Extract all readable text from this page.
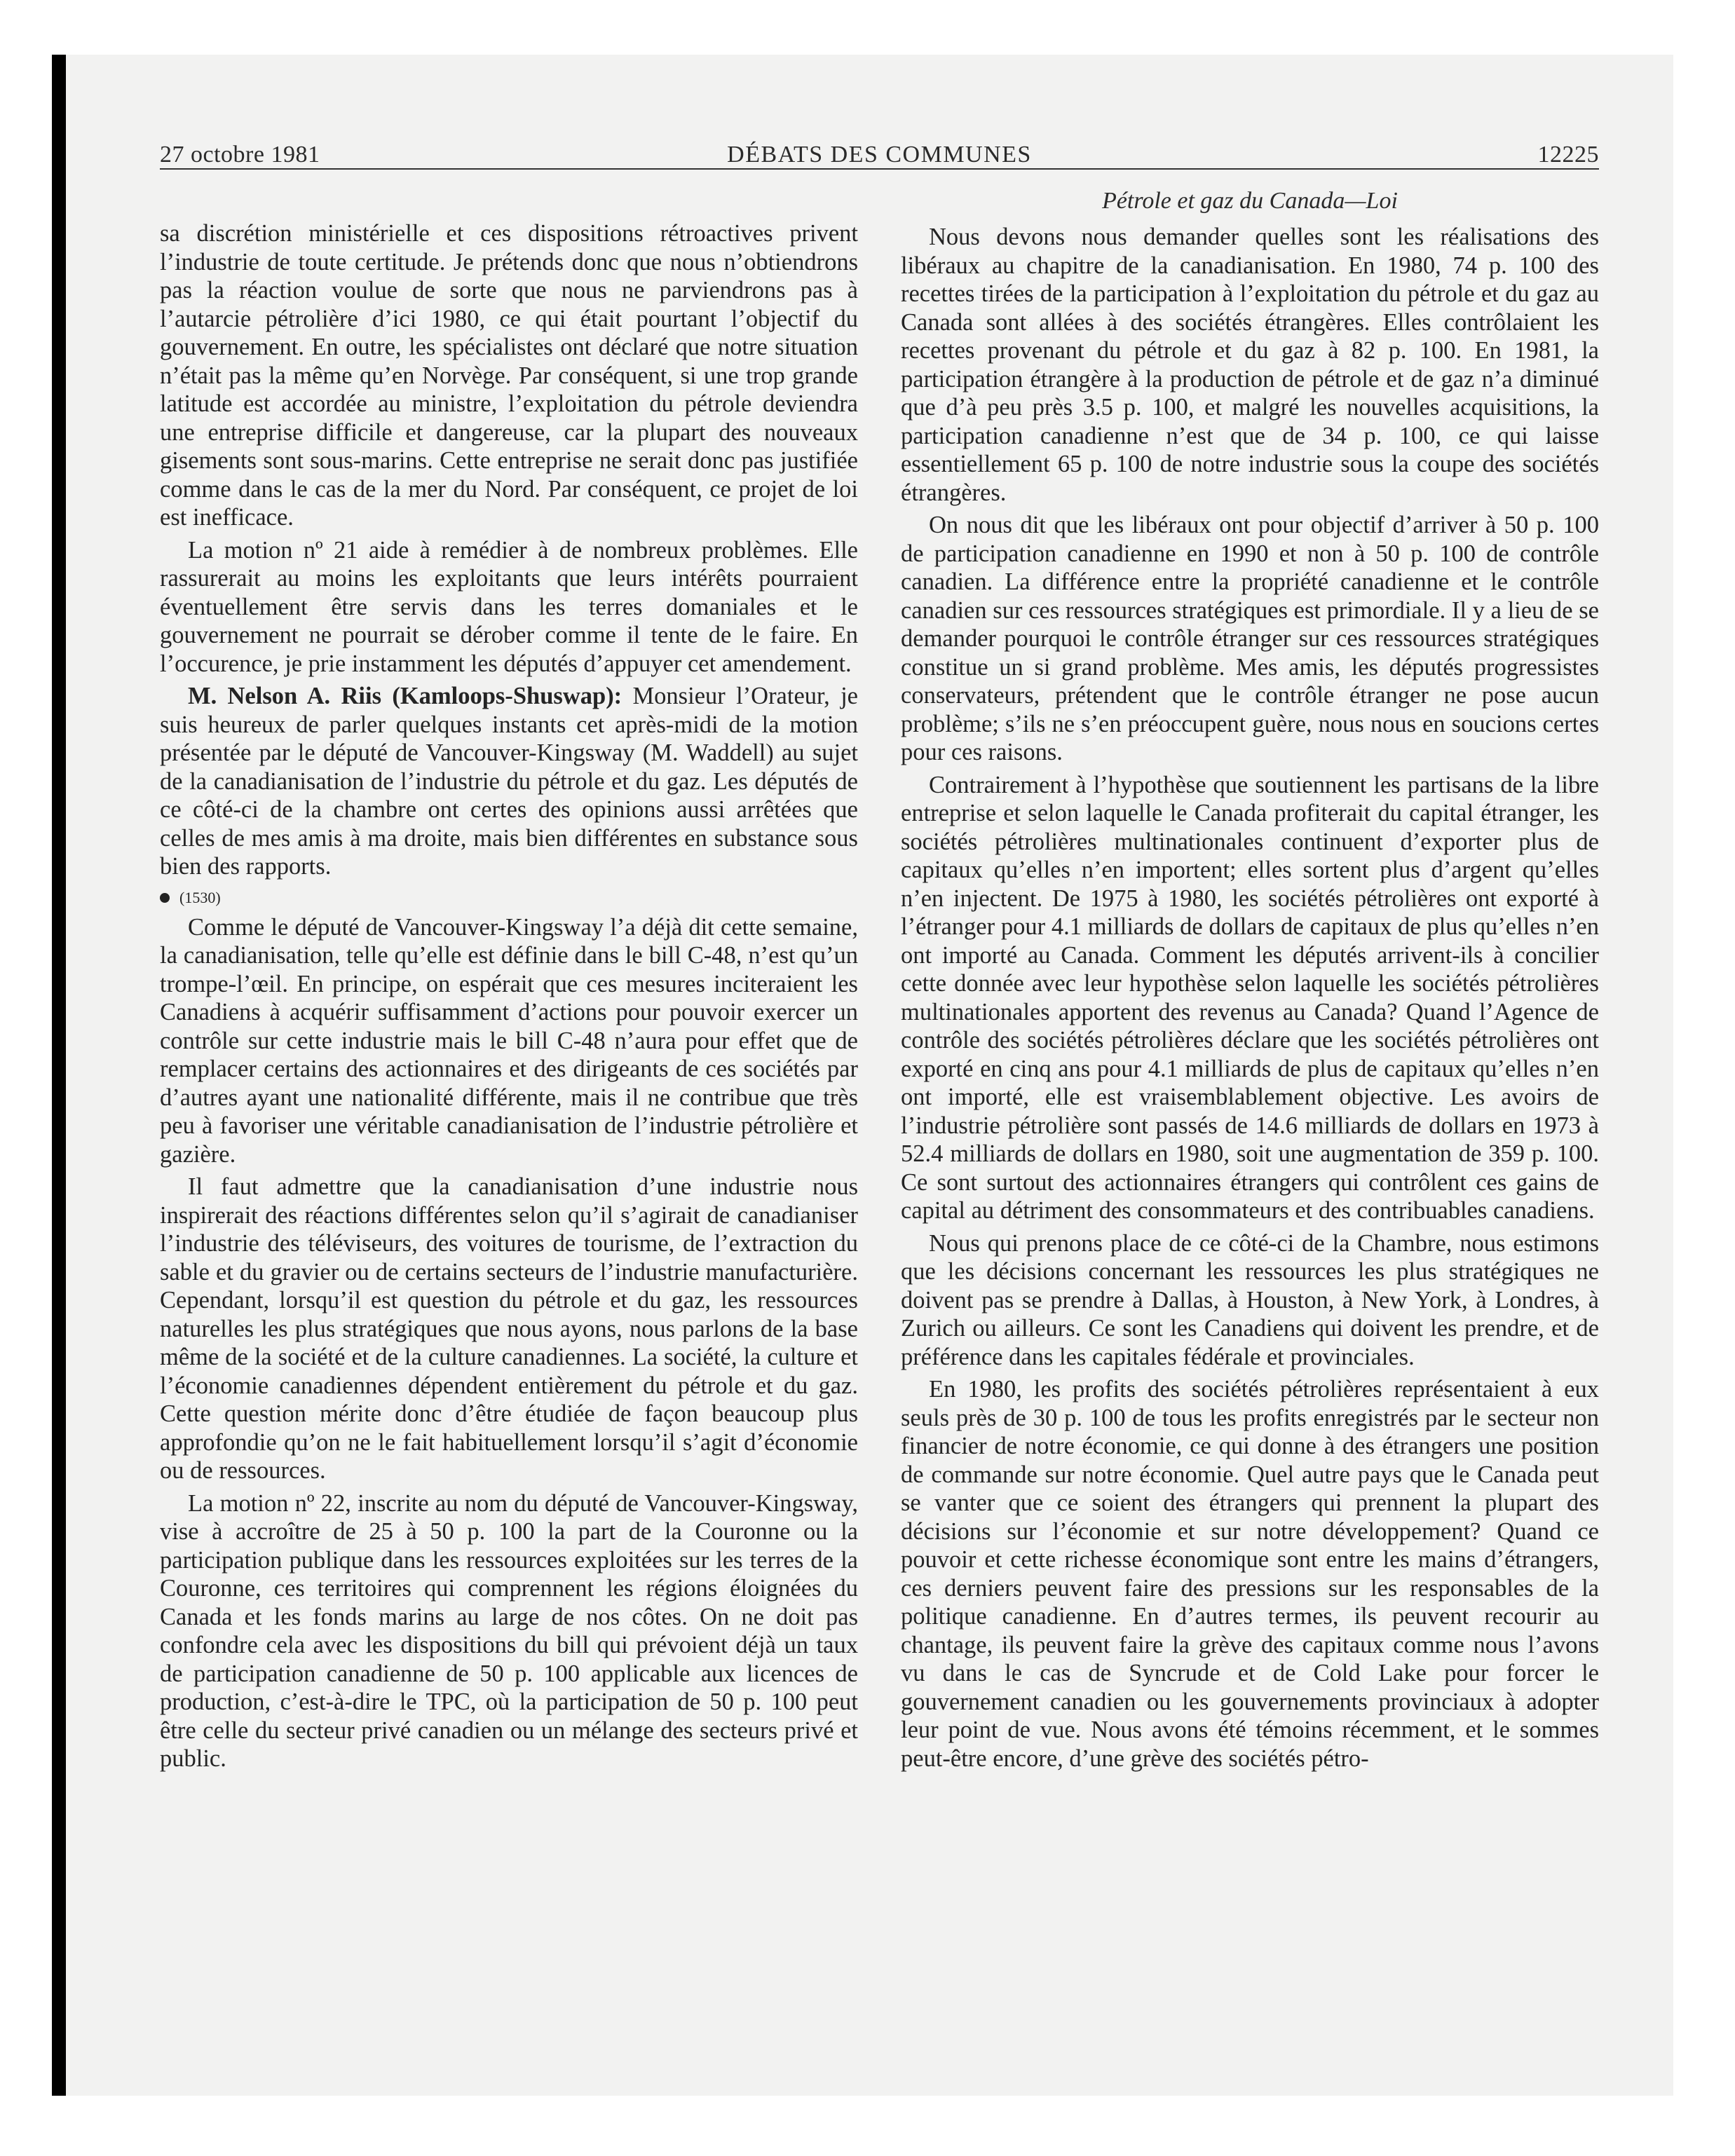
27 octobre 1981	DÉBATS DES COMMUNES	12225
Pétrole et gaz du Canada—Loi

sa discrétion ministérielle et ces dispositions rétroactives privent l’industrie de toute certitude. Je prétends donc que nous n’obtiendrons pas la réaction voulue de sorte que nous ne parviendrons pas à l’autarcie pétrolière d’ici 1980, ce qui était pourtant l’objectif du gouvernement. En outre, les spécialistes ont déclaré que notre situation n’était pas la même qu’en Norvège. Par conséquent, si une trop grande latitude est accordée au ministre, l’exploitation du pétrole deviendra une entreprise difficile et dangereuse, car la plupart des nouveaux gisements sont sous-marins. Cette entreprise ne serait donc pas justifiée comme dans le cas de la mer du Nord. Par conséquent, ce projet de loi est inefficace.

La motion nº 21 aide à remédier à de nombreux problèmes. Elle rassurerait au moins les exploitants que leurs intérêts pourraient éventuellement être servis dans les terres domaniales et le gouvernement ne pourrait se dérober comme il tente de le faire. En l’occurence, je prie instamment les députés d’appuyer cet amendement.

M. Nelson A. Riis (Kamloops-Shuswap): Monsieur l’Orateur, je suis heureux de parler quelques instants cet après-midi de la motion présentée par le député de Vancouver-Kingsway (M. Waddell) au sujet de la canadianisation de l’industrie du pétrole et du gaz. Les députés de ce côté-ci de la chambre ont certes des opinions aussi arrêtées que celles de mes amis à ma droite, mais bien différentes en substance sous bien des rapports.

(1530)

Comme le député de Vancouver-Kingsway l’a déjà dit cette semaine, la canadianisation, telle qu’elle est définie dans le bill C-48, n’est qu’un trompe-l’œil. En principe, on espérait que ces mesures inciteraient les Canadiens à acquérir suffisamment d’actions pour pouvoir exercer un contrôle sur cette industrie mais le bill C-48 n’aura pour effet que de remplacer certains des actionnaires et des dirigeants de ces sociétés par d’autres ayant une nationalité différente, mais il ne contribue que très peu à favoriser une véritable canadianisation de l’industrie pétrolière et gazière.

Il faut admettre que la canadianisation d’une industrie nous inspirerait des réactions différentes selon qu’il s’agirait de canadianiser l’industrie des téléviseurs, des voitures de tourisme, de l’extraction du sable et du gravier ou de certains secteurs de l’industrie manufacturière. Cependant, lorsqu’il est question du pétrole et du gaz, les ressources naturelles les plus stratégiques que nous ayons, nous parlons de la base même de la société et de la culture canadiennes. La société, la culture et l’économie canadiennes dépendent entièrement du pétrole et du gaz. Cette question mérite donc d’être étudiée de façon beaucoup plus approfondie qu’on ne le fait habituellement lorsqu’il s’agit d’économie ou de ressources.

La motion nº 22, inscrite au nom du député de Vancouver-Kingsway, vise à accroître de 25 à 50 p. 100 la part de la Couronne ou la participation publique dans les ressources exploitées sur les terres de la Couronne, ces territoires qui comprennent les régions éloignées du Canada et les fonds marins au large de nos côtes. On ne doit pas confondre cela avec les dispositions du bill qui prévoient déjà un taux de participation canadienne de 50 p. 100 applicable aux licences de production, c’est-à-dire le TPC, où la participation de 50 p. 100 peut être celle du secteur privé canadien ou un mélange des secteurs privé et public.

Nous devons nous demander quelles sont les réalisations des libéraux au chapitre de la canadianisation. En 1980, 74 p. 100 des recettes tirées de la participation à l’exploitation du pétrole et du gaz au Canada sont allées à des sociétés étrangères. Elles contrôlaient les recettes provenant du pétrole et du gaz à 82 p. 100. En 1981, la participation étrangère à la production de pétrole et de gaz n’a diminué que d’à peu près 3.5 p. 100, et malgré les nouvelles acquisitions, la participation canadienne n’est que de 34 p. 100, ce qui laisse essentiellement 65 p. 100 de notre industrie sous la coupe des sociétés étrangères.

On nous dit que les libéraux ont pour objectif d’arriver à 50 p. 100 de participation canadienne en 1990 et non à 50 p. 100 de contrôle canadien. La différence entre la propriété canadienne et le contrôle canadien sur ces ressources stratégiques est primordiale. Il y a lieu de se demander pourquoi le contrôle étranger sur ces ressources stratégiques constitue un si grand problème. Mes amis, les députés progressistes conservateurs, prétendent que le contrôle étranger ne pose aucun problème; s’ils ne s’en préoccupent guère, nous nous en soucions certes pour ces raisons.

Contrairement à l’hypothèse que soutiennent les partisans de la libre entreprise et selon laquelle le Canada profiterait du capital étranger, les sociétés pétrolières multinationales continuent d’exporter plus de capitaux qu’elles n’en importent; elles sortent plus d’argent qu’elles n’en injectent. De 1975 à 1980, les sociétés pétrolières ont exporté à l’étranger pour 4.1 milliards de dollars de capitaux de plus qu’elles n’en ont importé au Canada. Comment les députés arrivent-ils à concilier cette donnée avec leur hypothèse selon laquelle les sociétés pétrolières multinationales apportent des revenus au Canada? Quand l’Agence de contrôle des sociétés pétrolières déclare que les sociétés pétrolières ont exporté en cinq ans pour 4.1 milliards de plus de capitaux qu’elles n’en ont importé, elle est vraisemblablement objective. Les avoirs de l’industrie pétrolière sont passés de 14.6 milliards de dollars en 1973 à 52.4 milliards de dollars en 1980, soit une augmentation de 359 p. 100. Ce sont surtout des actionnaires étrangers qui contrôlent ces gains de capital au détriment des consommateurs et des contribuables canadiens.

Nous qui prenons place de ce côté-ci de la Chambre, nous estimons que les décisions concernant les ressources les plus stratégiques ne doivent pas se prendre à Dallas, à Houston, à New York, à Londres, à Zurich ou ailleurs. Ce sont les Canadiens qui doivent les prendre, et de préférence dans les capitales fédérale et provinciales.

En 1980, les profits des sociétés pétrolières représentaient à eux seuls près de 30 p. 100 de tous les profits enregistrés par le secteur non financier de notre économie, ce qui donne à des étrangers une position de commande sur notre économie. Quel autre pays que le Canada peut se vanter que ce soient des étrangers qui prennent la plupart des décisions sur l’économie et sur notre développement? Quand ce pouvoir et cette richesse économique sont entre les mains d’étrangers, ces derniers peuvent faire des pressions sur les responsables de la politique canadienne. En d’autres termes, ils peuvent recourir au chantage, ils peuvent faire la grève des capitaux comme nous l’avons vu dans le cas de Syncrude et de Cold Lake pour forcer le gouvernement canadien ou les gouvernements provinciaux à adopter leur point de vue. Nous avons été témoins récemment, et le sommes peut-être encore, d’une grève des sociétés pétro-
